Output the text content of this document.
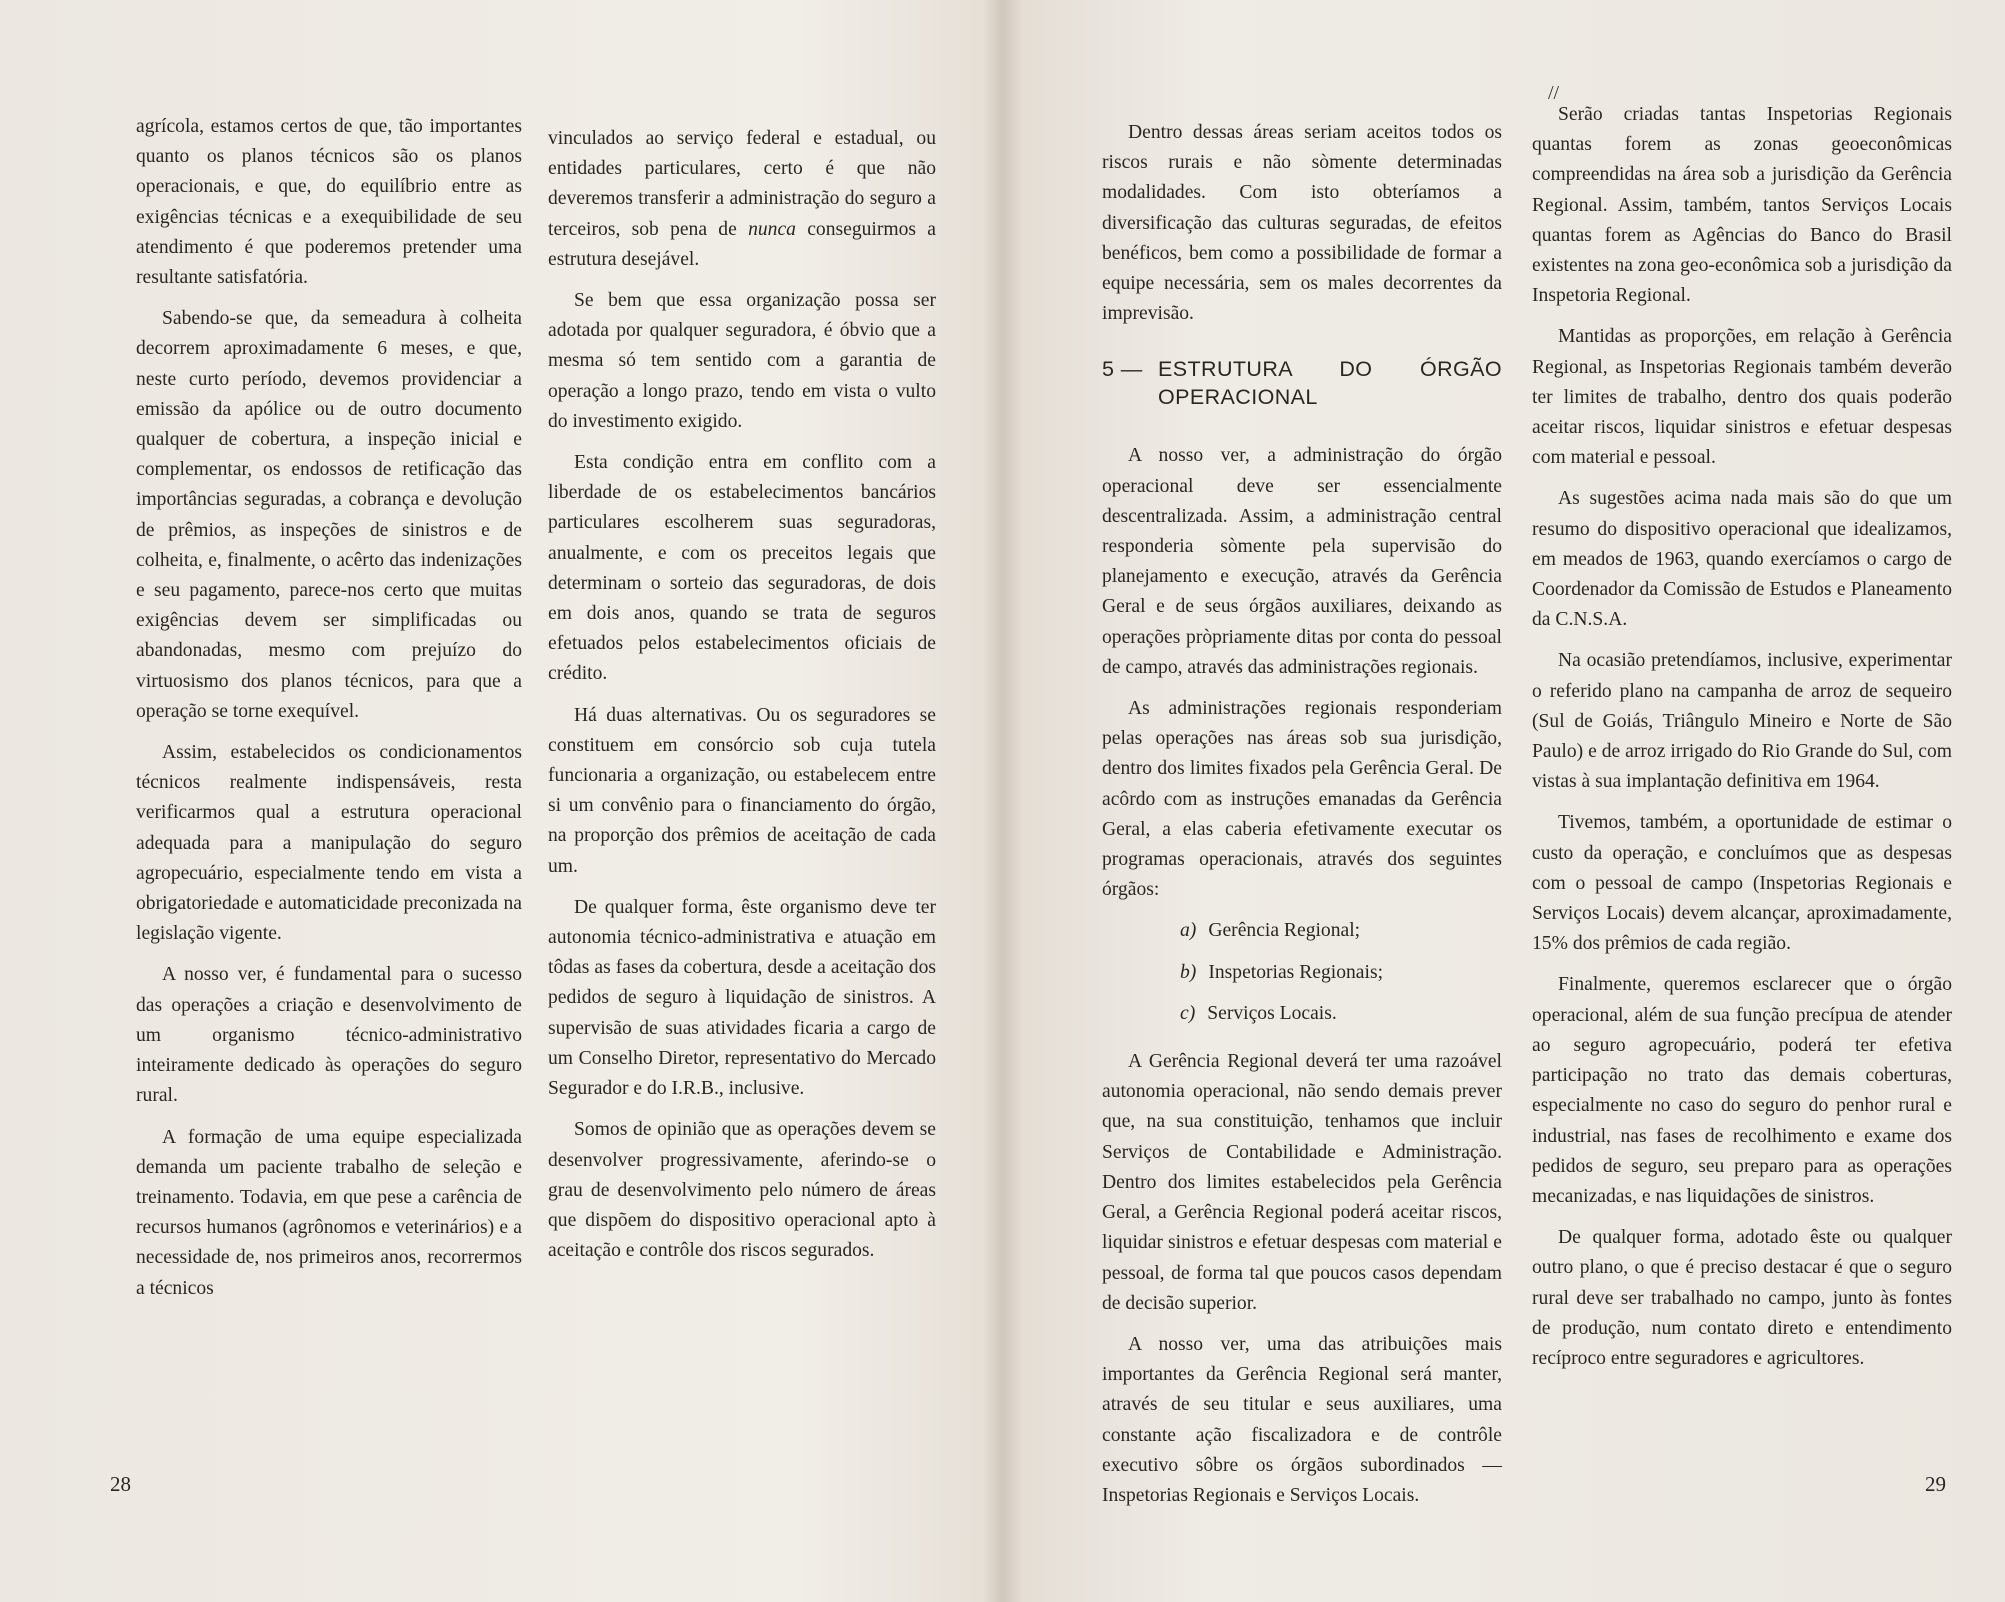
agrícola, estamos certos de que, tão importantes quanto os planos técnicos são os planos operacionais, e que, do equilíbrio entre as exigências técnicas e a exequibilidade de seu atendimento é que poderemos pretender uma resultante satisfatória.

Sabendo-se que, da semeadura à colheita decorrem aproximadamente 6 meses, e que, neste curto período, devemos providenciar a emissão da apólice ou de outro documento qualquer de cobertura, a inspeção inicial e complementar, os endossos de retificação das importâncias seguradas, a cobrança e devolução de prêmios, as inspeções de sinistros e de colheita, e, finalmente, o acêrto das indenizações e seu pagamento, parece-nos certo que muitas exigências devem ser simplificadas ou abandonadas, mesmo com prejuízo do virtuosismo dos planos técnicos, para que a operação se torne exequível.

Assim, estabelecidos os condicionamentos técnicos realmente indispensáveis, resta verificarmos qual a estrutura operacional adequada para a manipulação do seguro agropecuário, especialmente tendo em vista a obrigatoriedade e automaticidade preconizada na legislação vigente.

A nosso ver, é fundamental para o sucesso das operações a criação e desenvolvimento de um organismo técnico-administrativo inteiramente dedicado às operações do seguro rural.

A formação de uma equipe especializada demanda um paciente trabalho de seleção e treinamento. Todavia, em que pese a carência de recursos humanos (agrônomos e veterinários) e a necessidade de, nos primeiros anos, recorrermos a técnicos

vinculados ao serviço federal e estadual, ou entidades particulares, certo é que não deveremos transferir a administração do seguro a terceiros, sob pena de nunca conseguirmos a estrutura desejável.

Se bem que essa organização possa ser adotada por qualquer seguradora, é óbvio que a mesma só tem sentido com a garantia de operação a longo prazo, tendo em vista o vulto do investimento exigido.

Esta condição entra em conflito com a liberdade de os estabelecimentos bancários particulares escolherem suas seguradoras, anualmente, e com os preceitos legais que determinam o sorteio das seguradoras, de dois em dois anos, quando se trata de seguros efetuados pelos estabelecimentos oficiais de crédito.

Há duas alternativas. Ou os seguradores se constituem em consórcio sob cuja tutela funcionaria a organização, ou estabelecem entre si um convênio para o financiamento do órgão, na proporção dos prêmios de aceitação de cada um.

De qualquer forma, êste organismo deve ter autonomia técnico-administrativa e atuação em tôdas as fases da cobertura, desde a aceitação dos pedidos de seguro à liquidação de sinistros. A supervisão de suas atividades ficaria a cargo de um Conselho Diretor, representativo do Mercado Segurador e do I.R.B., inclusive.

Somos de opinião que as operações devem se desenvolver progressivamente, aferindo-se o grau de desenvolvimento pelo número de áreas que dispõem do dispositivo operacional apto à aceitação e contrôle dos riscos segurados.

28
//

Dentro dessas áreas seriam aceitos todos os riscos rurais e não sòmente determinadas modalidades. Com isto obteríamos a diversificação das culturas seguradas, de efeitos benéficos, bem como a possibilidade de formar a equipe necessária, sem os males decorrentes da imprevisão.

5 — ESTRUTURA DO ÓRGÃO OPERACIONAL

A nosso ver, a administração do órgão operacional deve ser essencialmente descentralizada. Assim, a administração central responderia sòmente pela supervisão do planejamento e execução, através da Gerência Geral e de seus órgãos auxiliares, deixando as operações pròpriamente ditas por conta do pessoal de campo, através das administrações regionais.

As administrações regionais responderiam pelas operações nas áreas sob sua jurisdição, dentro dos limites fixados pela Gerência Geral. De acôrdo com as instruções emanadas da Gerência Geral, a elas caberia efetivamente executar os programas operacionais, através dos seguintes órgãos:

a) Gerência Regional;

b) Inspetorias Regionais;

c) Serviços Locais.

A Gerência Regional deverá ter uma razoável autonomia operacional, não sendo demais prever que, na sua constituição, tenhamos que incluir Serviços de Contabilidade e Administração. Dentro dos limites estabelecidos pela Gerência Geral, a Gerência Regional poderá aceitar riscos, liquidar sinistros e efetuar despesas com material e pessoal, de forma tal que poucos casos dependam de decisão superior.

A nosso ver, uma das atribuições mais importantes da Gerência Regional será manter, através de seu titular e seus auxiliares, uma constante ação fiscalizadora e de contrôle executivo sôbre os órgãos subordinados — Inspetorias Regionais e Serviços Locais.

Serão criadas tantas Inspetorias Regionais quantas forem as zonas geoeconômicas compreendidas na área sob a jurisdição da Gerência Regional. Assim, também, tantos Serviços Locais quantas forem as Agências do Banco do Brasil existentes na zona geo-econômica sob a jurisdição da Inspetoria Regional.

Mantidas as proporções, em relação à Gerência Regional, as Inspetorias Regionais também deverão ter limites de trabalho, dentro dos quais poderão aceitar riscos, liquidar sinistros e efetuar despesas com material e pessoal.

As sugestões acima nada mais são do que um resumo do dispositivo operacional que idealizamos, em meados de 1963, quando exercíamos o cargo de Coordenador da Comissão de Estudos e Planeamento da C.N.S.A.

Na ocasião pretendíamos, inclusive, experimentar o referido plano na campanha de arroz de sequeiro (Sul de Goiás, Triângulo Mineiro e Norte de São Paulo) e de arroz irrigado do Rio Grande do Sul, com vistas à sua implantação definitiva em 1964.

Tivemos, também, a oportunidade de estimar o custo da operação, e concluímos que as despesas com o pessoal de campo (Inspetorias Regionais e Serviços Locais) devem alcançar, aproximadamente, 15% dos prêmios de cada região.

Finalmente, queremos esclarecer que o órgão operacional, além de sua função precípua de atender ao seguro agropecuário, poderá ter efetiva participação no trato das demais coberturas, especialmente no caso do seguro do penhor rural e industrial, nas fases de recolhimento e exame dos pedidos de seguro, seu preparo para as operações mecanizadas, e nas liquidações de sinistros.

De qualquer forma, adotado êste ou qualquer outro plano, o que é preciso destacar é que o seguro rural deve ser trabalhado no campo, junto às fontes de produção, num contato direto e entendimento recíproco entre seguradores e agricultores.

29
